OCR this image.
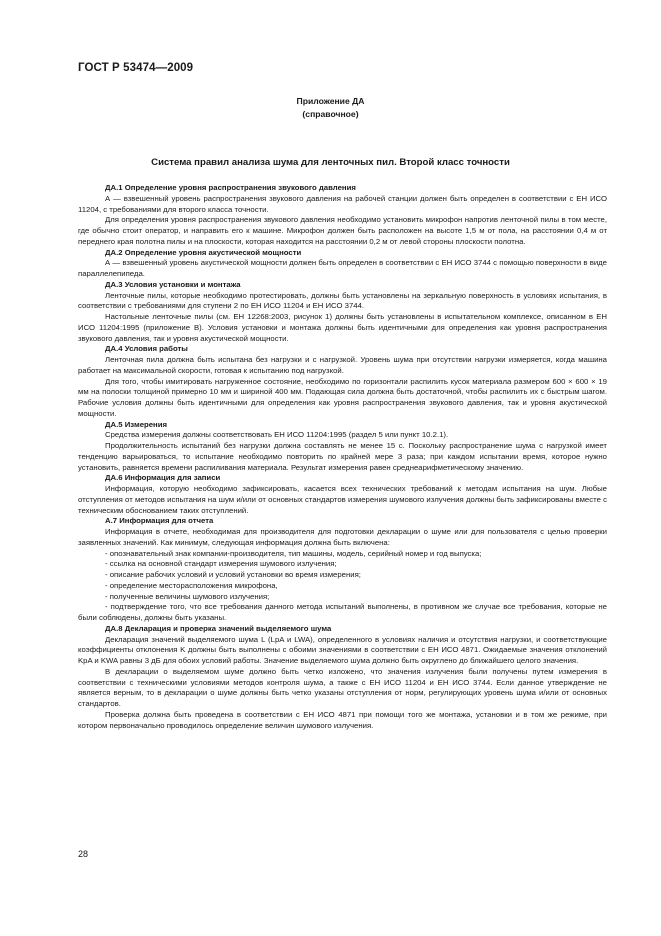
ГОСТ Р 53474—2009
Приложение ДА
(справочное)
Система правил анализа шума для ленточных пил. Второй класс точности

ДА.1 Определение уровня распространения звукового давления

А — взвешенный уровень распространения звукового давления на рабочей станции должен быть определен в соответствии с ЕН ИСО 11204, с требованиями для второго класса точности.

Для определения уровня распространения звукового давления необходимо установить микрофон напротив ленточной пилы в том месте, где обычно стоит оператор, и направить его к машине. Микрофон должен быть расположен на высоте 1,5 м от пола, на расстоянии 0,4 м от переднего края полотна пилы и на плоскости, которая находится на расстоянии 0,2 м от левой стороны плоскости полотна.

ДА.2 Определение уровня акустической мощности

А — взвешенный уровень акустической мощности должен быть определен в соответствии с ЕН ИСО 3744 с помощью поверхности в виде параллелепипеда.

ДА.3 Условия установки и монтажа

Ленточные пилы, которые необходимо протестировать, должны быть установлены на зеркальную поверхность в условиях испытания, в соответствии с требованиями для ступени 2 по ЕН ИСО 11204 и ЕН ИСО 3744.

Настольные ленточные пилы (см. ЕН 12268:2003, рисунок 1) должны быть установлены в испытательном комплексе, описанном в ЕН ИСО 11204:1995 (приложение В). Условия установки и монтажа должны быть идентичными для определения как уровня распространения звукового давления, так и уровня акустической мощности.

ДА.4 Условия работы

Ленточная пила должна быть испытана без нагрузки и с нагрузкой. Уровень шума при отсутствии нагрузки измеряется, когда машина работает на максимальной скорости, готовая к испытанию под нагрузкой.

Для того, чтобы имитировать нагруженное состояние, необходимо по горизонтали распилить кусок материала размером 600 × 600 × 19 мм на полоски толщиной примерно 10 мм и шириной 400 мм. Подающая сила должна быть достаточной, чтобы распилить их с быстрым шагом. Рабочие условия должны быть идентичными для определения как уровня распространения звукового давления, так и уровня акустической мощности.

ДА.5 Измерения

Средства измерения должны соответствовать ЕН ИСО 11204:1995 (раздел 5 или пункт 10.2.1).

Продолжительность испытаний без нагрузки должна составлять не менее 15 с. Поскольку распространение шума с нагрузкой имеет тенденцию варьироваться, то испытание необходимо повторить по крайней мере 3 раза; при каждом испытании время, которое нужно установить, равняется времени распиливания материала. Результат измерения равен среднеарифметическому значению.

ДА.6 Информация для записи

Информация, которую необходимо зафиксировать, касается всех технических требований к методам испытания на шум. Любые отступления от методов испытания на шум и/или от основных стандартов измерения шумового излучения должны быть зафиксированы вместе с техническим обоснованием таких отступлений.

А.7 Информация для отчета

Информация в отчете, необходимая для производителя для подготовки декларации о шуме или для пользователя с целью проверки заявленных значений. Как минимум, следующая информация должна быть включена:

- опознавательный знак компании-производителя, тип машины, модель, серийный номер и год выпуска;

- ссылка на основной стандарт измерения шумового излучения;

- описание рабочих условий и условий установки во время измерения;

- определение месторасположения микрофона,

- полученные величины шумового излучения;

- подтверждение того, что все требования данного метода испытаний выполнены, в противном же случае все требования, которые не были соблюдены, должны быть указаны.

ДА.8 Декларация и проверка значений выделяемого шума

Декларация значений выделяемого шума L (LpA и LWA), определенного в условиях наличия и отсутствия нагрузки, и соответствующие коэффициенты отклонения K должны быть выполнены с обоими значениями в соответствии с ЕН ИСО 4871. Ожидаемые значения отклонений KpA и KWA равны 3 дБ для обоих условий работы. Значение выделяемого шума должно быть округлено до ближайшего целого значения.

В декларации о выделяемом шуме должно быть четко изложено, что значения излучения были получены путем измерения в соответствии с техническими условиями методов контроля шума, а также с ЕН ИСО 11204 и ЕН ИСО 3744. Если данное утверждение не является верным, то в декларации о шуме должны быть четко указаны отступления от норм, регулирующих уровень шума и/или от основных стандартов.

Проверка должна быть проведена в соответствии с ЕН ИСО 4871 при помощи того же монтажа, установки и в том же режиме, при котором первоначально проводилось определение величин шумового излучения.

28
